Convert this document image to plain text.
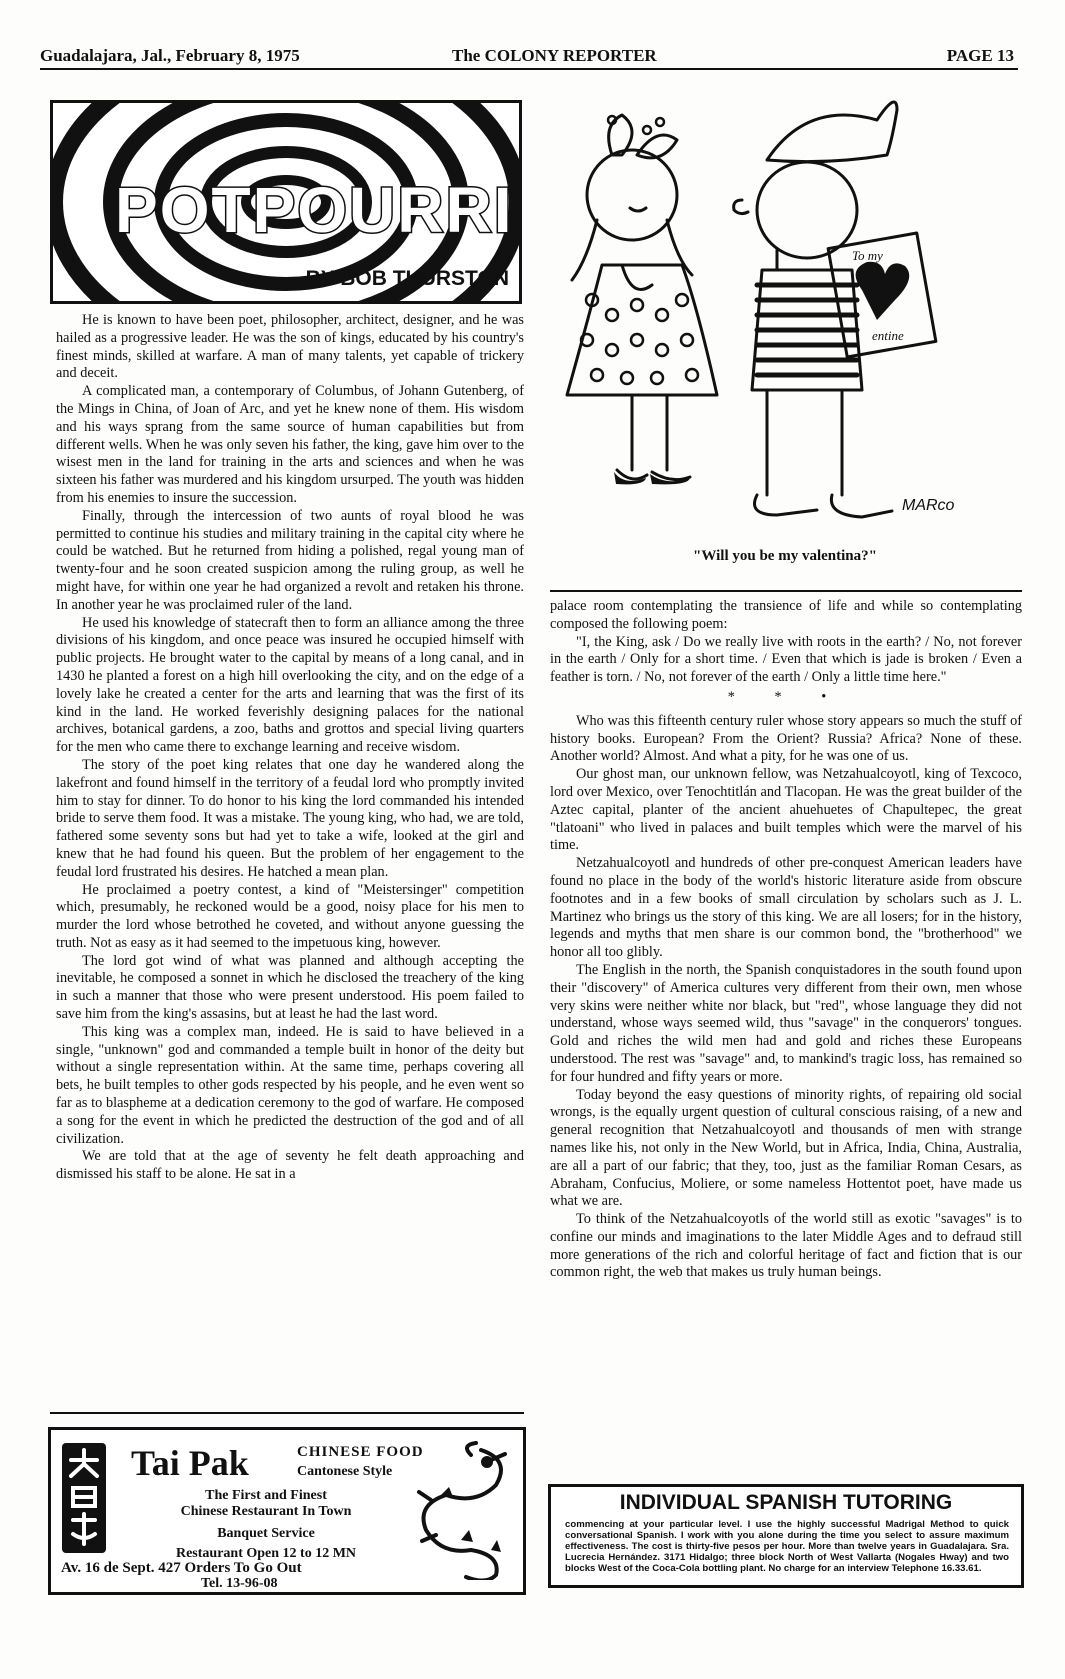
Guadalajara, Jal., February 8, 1975	The COLONY REPORTER	PAGE 13
POTPOURRI
BY BOB THURSTON

He is known to have been poet, philosopher, architect, designer, and he was hailed as a progressive leader. He was the son of kings, educated by his country's finest minds, skilled at warfare. A man of many talents, yet capable of trickery and deceit.

A complicated man, a contemporary of Columbus, of Johann Gutenberg, of the Mings in China, of Joan of Arc, and yet he knew none of them. His wisdom and his ways sprang from the same source of human capabilities but from different wells. When he was only seven his father, the king, gave him over to the wisest men in the land for training in the arts and sciences and when he was sixteen his father was murdered and his kingdom ursurped. The youth was hidden from his enemies to insure the succession.

Finally, through the intercession of two aunts of royal blood he was permitted to continue his studies and military training in the capital city where he could be watched. But he returned from hiding a polished, regal young man of twenty-four and he soon created suspicion among the ruling group, as well he might have, for within one year he had organized a revolt and retaken his throne. In another year he was proclaimed ruler of the land.

He used his knowledge of statecraft then to form an alliance among the three divisions of his kingdom, and once peace was insured he occupied himself with public projects. He brought water to the capital by means of a long canal, and in 1430 he planted a forest on a high hill overlooking the city, and on the edge of a lovely lake he created a center for the arts and learning that was the first of its kind in the land. He worked feverishly designing palaces for the national archives, botanical gardens, a zoo, baths and grottos and special living quarters for the men who came there to exchange learning and receive wisdom.

The story of the poet king relates that one day he wandered along the lakefront and found himself in the territory of a feudal lord who promptly invited him to stay for dinner. To do honor to his king the lord commanded his intended bride to serve them food. It was a mistake. The young king, who had, we are told, fathered some seventy sons but had yet to take a wife, looked at the girl and knew that he had found his queen. But the problem of her engagement to the feudal lord frustrated his desires. He hatched a mean plan.

He proclaimed a poetry contest, a kind of "Meistersinger" competition which, presumably, he reckoned would be a good, noisy place for his men to murder the lord whose betrothed he coveted, and without anyone guessing the truth. Not as easy as it had seemed to the impetuous king, however.

The lord got wind of what was planned and although accepting the inevitable, he composed a sonnet in which he disclosed the treachery of the king in such a manner that those who were present understood. His poem failed to save him from the king's assasins, but at least he had the last word.

This king was a complex man, indeed. He is said to have believed in a single, "unknown" god and commanded a temple built in honor of the deity but without a single representation within. At the same time, perhaps covering all bets, he built temples to other gods respected by his people, and he even went so far as to blaspheme at a dedication ceremony to the god of warfare. He composed a song for the event in which he predicted the destruction of the god and of all civilization.

We are told that at the age of seventy he felt death approaching and dismissed his staff to be alone. He sat in a

To my
entine
MARco
"Will you be my valentina?"

palace room contemplating the transience of life and while so contemplating composed the following poem:

"I, the King, ask / Do we really live with roots in the earth? / No, not forever in the earth / Only for a short time. / Even that which is jade is broken / Even a feather is torn. / No, not forever of the earth / Only a little time here."

* * •

Who was this fifteenth century ruler whose story appears so much the stuff of history books. European? From the Orient? Russia? Africa? None of these. Another world? Almost. And what a pity, for he was one of us.

Our ghost man, our unknown fellow, was Netzahualcoyotl, king of Texcoco, lord over Mexico, over Tenochtitlán and Tlacopan. He was the great builder of the Aztec capital, planter of the ancient ahuehuetes of Chapultepec, the great "tlatoani" who lived in palaces and built temples which were the marvel of his time.

Netzahualcoyotl and hundreds of other pre-conquest American leaders have found no place in the body of the world's historic literature aside from obscure footnotes and in a few books of small circulation by scholars such as J. L. Martinez who brings us the story of this king. We are all losers; for in the history, legends and myths that men share is our common bond, the "brotherhood" we honor all too glibly.

The English in the north, the Spanish conquistadores in the south found upon their "discovery" of America cultures very different from their own, men whose very skins were neither white nor black, but "red", whose language they did not understand, whose ways seemed wild, thus "savage" in the conquerors' tongues. Gold and riches the wild men had and gold and riches these Europeans understood. The rest was "savage" and, to mankind's tragic loss, has remained so for four hundred and fifty years or more.

Today beyond the easy questions of minority rights, of repairing old social wrongs, is the equally urgent question of cultural conscious raising, of a new and general recognition that Netzahualcoyotl and thousands of men with strange names like his, not only in the New World, but in Africa, India, China, Australia, are all a part of our fabric; that they, too, just as the familiar Roman Cesars, as Abraham, Confucius, Moliere, or some nameless Hottentot poet, have made us what we are.

To think of the Netzahualcoyotls of the world still as exotic "savages" is to confine our minds and imaginations to the later Middle Ages and to defraud still more generations of the rich and colorful heritage of fact and fiction that is our common right, the web that makes us truly human beings.

Tai Pak	CHINESE FOOD
Cantonese Style
The First and Finest
Chinese Restaurant In Town
Banquet Service
Restaurant Open 12 to 12 MN
Av. 16 de Sept. 427 Orders To Go Out
Tel. 13-96-08
INDIVIDUAL SPANISH TUTORING
commencing at your particular level. I use the highly successful Madrigal Method to quick conversational Spanish. I work with you alone during the time you select to assure maximum effectiveness. The cost is thirty-five pesos per hour. More than twelve years in Guadalajara. Sra. Lucrecia Hernández. 3171 Hidalgo; three block North of West Vallarta (Nogales Hway) and two blocks West of the Coca-Cola bottling plant. No charge for an interview Telephone 16.33.61.
